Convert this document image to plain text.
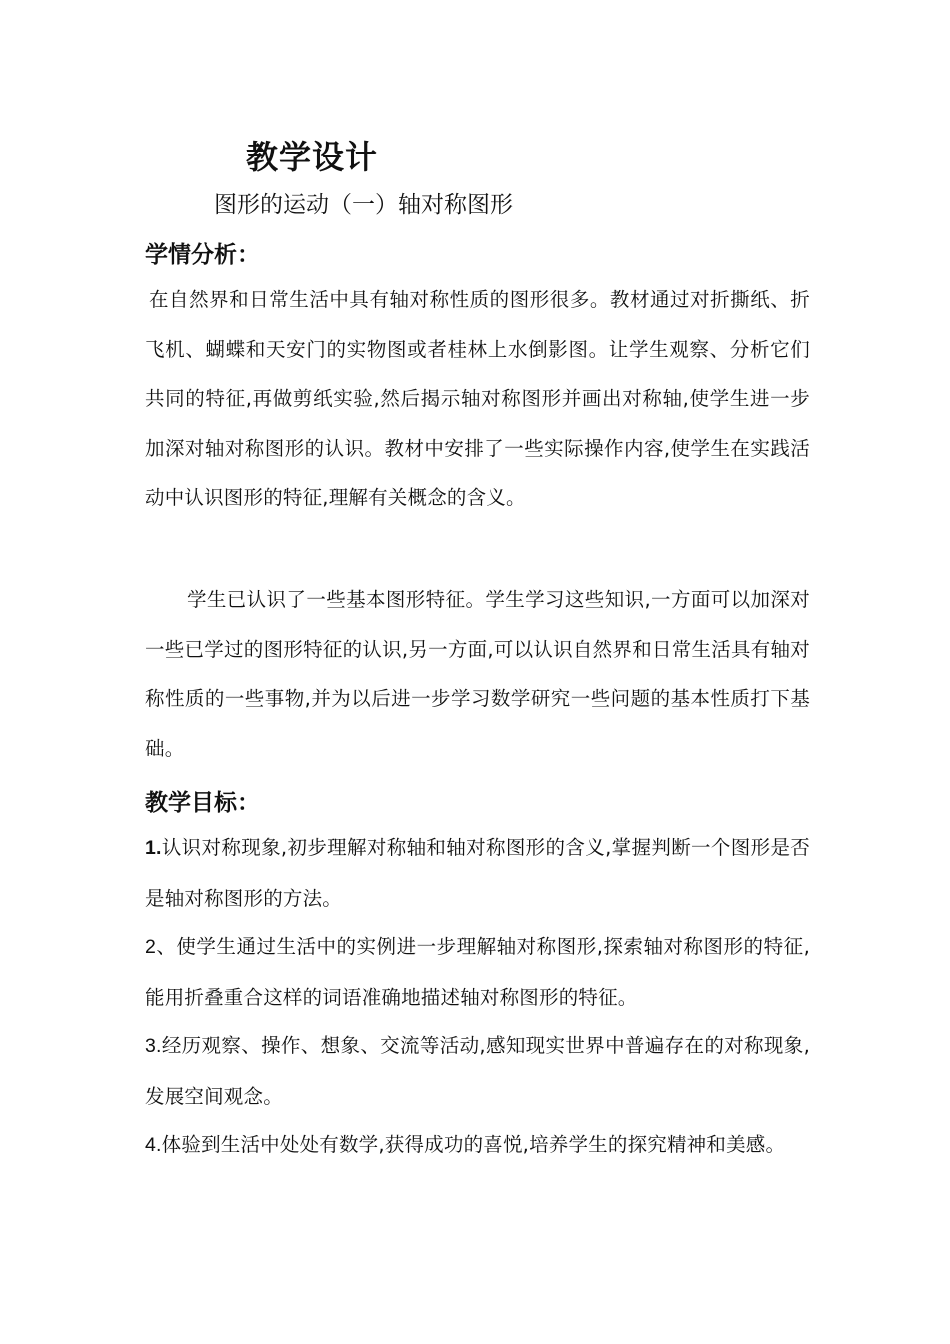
教学设计
图形的运动（一）轴对称图形
学情分析：
在自然界和日常生活中具有轴对称性质的图形很多。教材通过对折撕纸、折飞机、蝴蝶和天安门的实物图或者桂林上水倒影图。让学生观察、分析它们共同的特征,再做剪纸实验,然后揭示轴对称图形并画出对称轴,使学生进一步加深对轴对称图形的认识。教材中安排了一些实际操作内容,使学生在实践活动中认识图形的特征,理解有关概念的含义。
学生已认识了一些基本图形特征。学生学习这些知识,一方面可以加深对一些已学过的图形特征的认识,另一方面,可以认识自然界和日常生活具有轴对称性质的一些事物,并为以后进一步学习数学研究一些问题的基本性质打下基础。
教学目标：
1.认识对称现象,初步理解对称轴和轴对称图形的含义,掌握判断一个图形是否是轴对称图形的方法。
2、使学生通过生活中的实例进一步理解轴对称图形,探索轴对称图形的特征,能用折叠重合这样的词语准确地描述轴对称图形的特征。
3.经历观察、操作、想象、交流等活动,感知现实世界中普遍存在的对称现象,发展空间观念。
4.体验到生活中处处有数学,获得成功的喜悦,培养学生的探究精神和美感。
